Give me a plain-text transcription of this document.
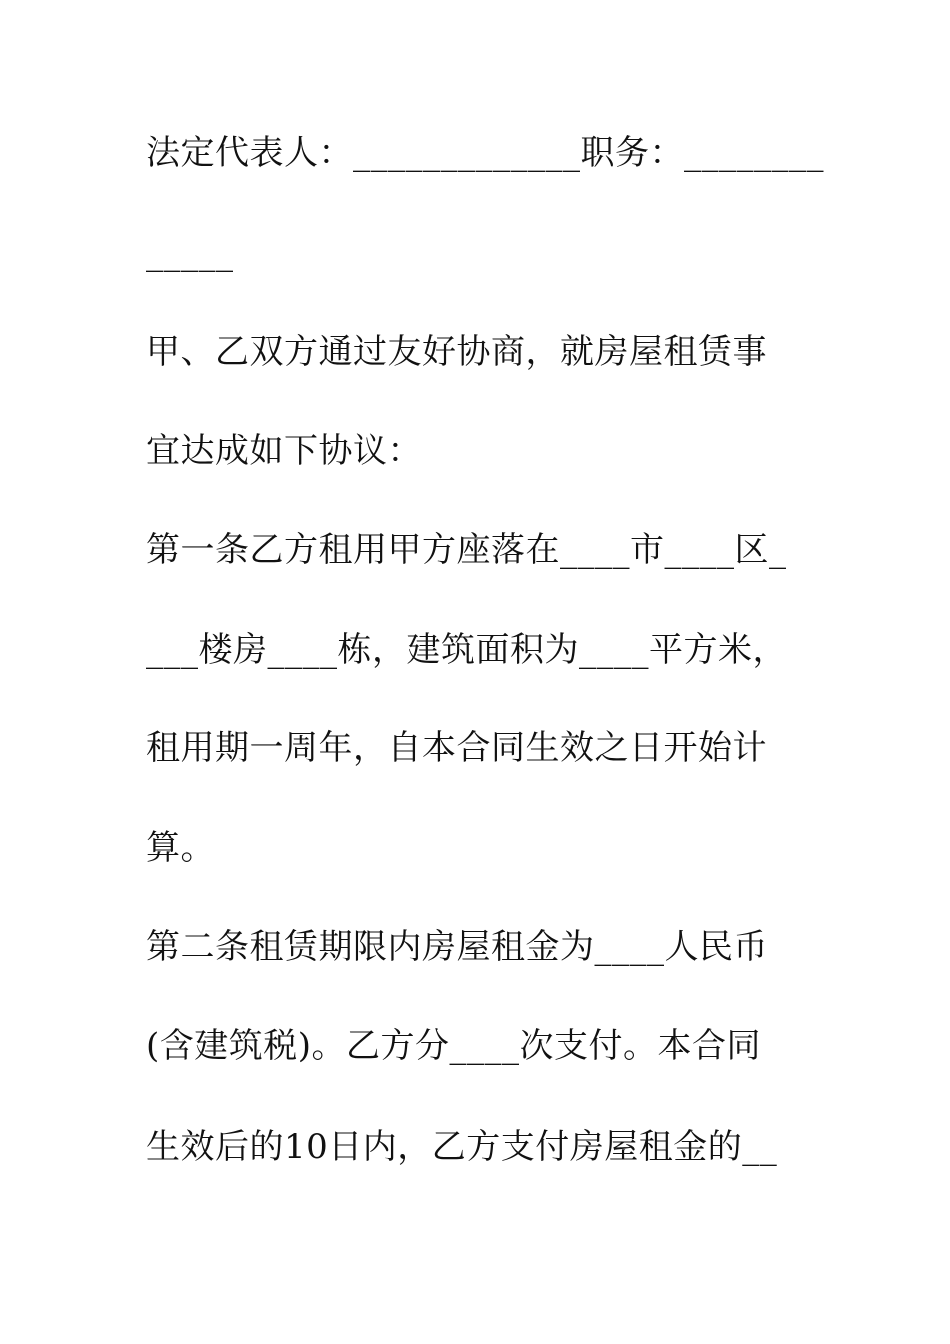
法定代表人：_____________职务：________
_____
甲、乙双方通过友好协商，就房屋租赁事
宜达成如下协议：
第一条乙方租用甲方座落在____市____区_
___楼房____栋，建筑面积为____平方米，
租用期一周年，自本合同生效之日开始计
算。
第二条租赁期限内房屋租金为____人民币
(含建筑税)。乙方分____次支付。本合同
生效后的10日内，乙方支付房屋租金的__
